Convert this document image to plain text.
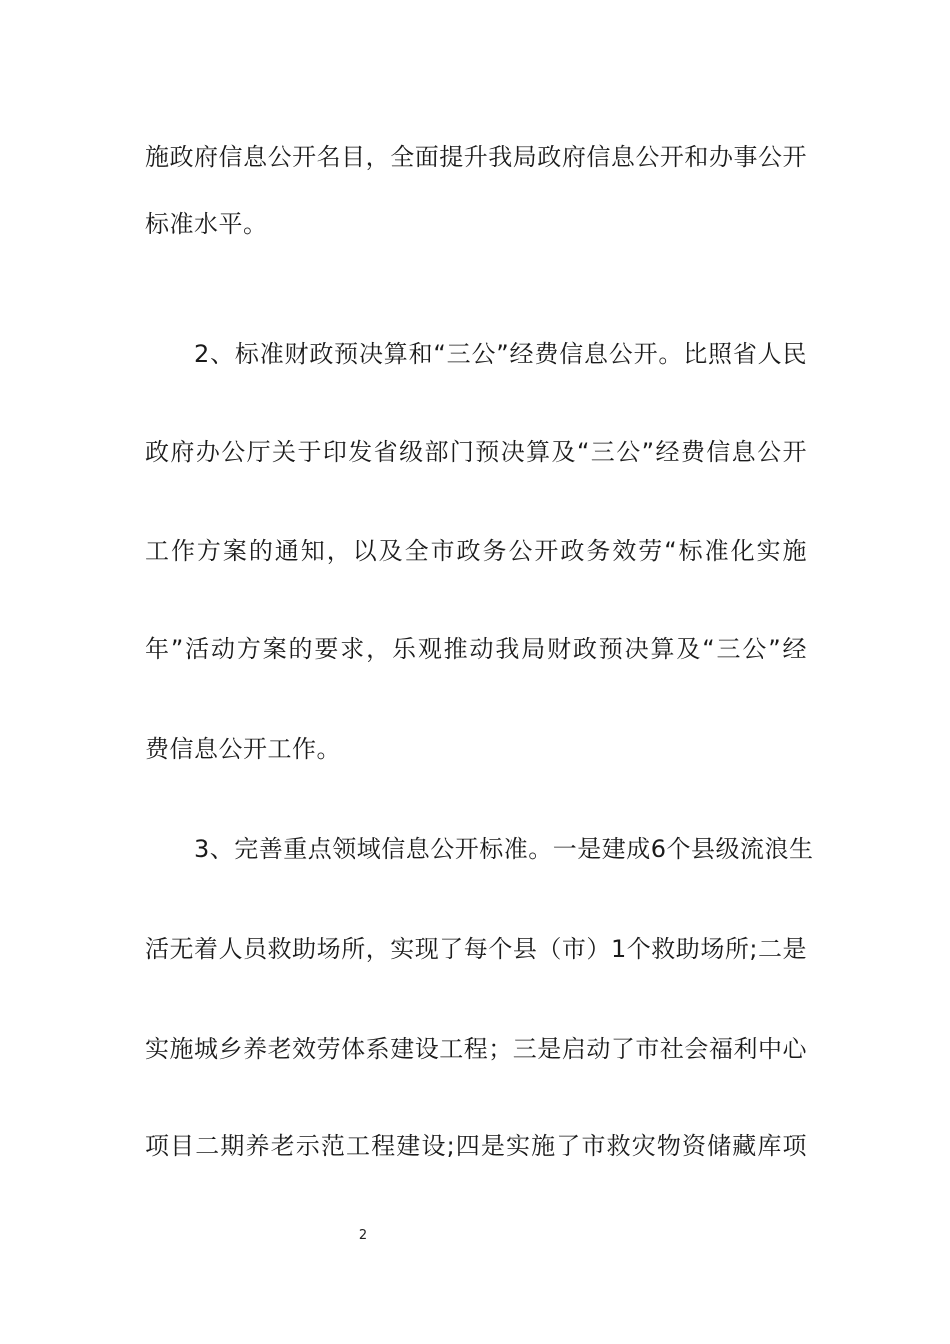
施政府信息公开名目，全面提升我局政府信息公开和办事公开
标准水平。
2、标准财政预决算和“三公”经费信息公开。比照省人民
政府办公厅关于印发省级部门预决算及“三公”经费信息公开
工作方案的通知，以及全市政务公开政务效劳“标准化实施
年”活动方案的要求，乐观推动我局财政预决算及“三公”经
费信息公开工作。
3、完善重点领域信息公开标准。一是建成6个县级流浪生
活无着人员救助场所，实现了每个县（市）1个救助场所;二是
实施城乡养老效劳体系建设工程；三是启动了市社会福利中心
项目二期养老示范工程建设;四是实施了市救灾物资储藏库项
2
